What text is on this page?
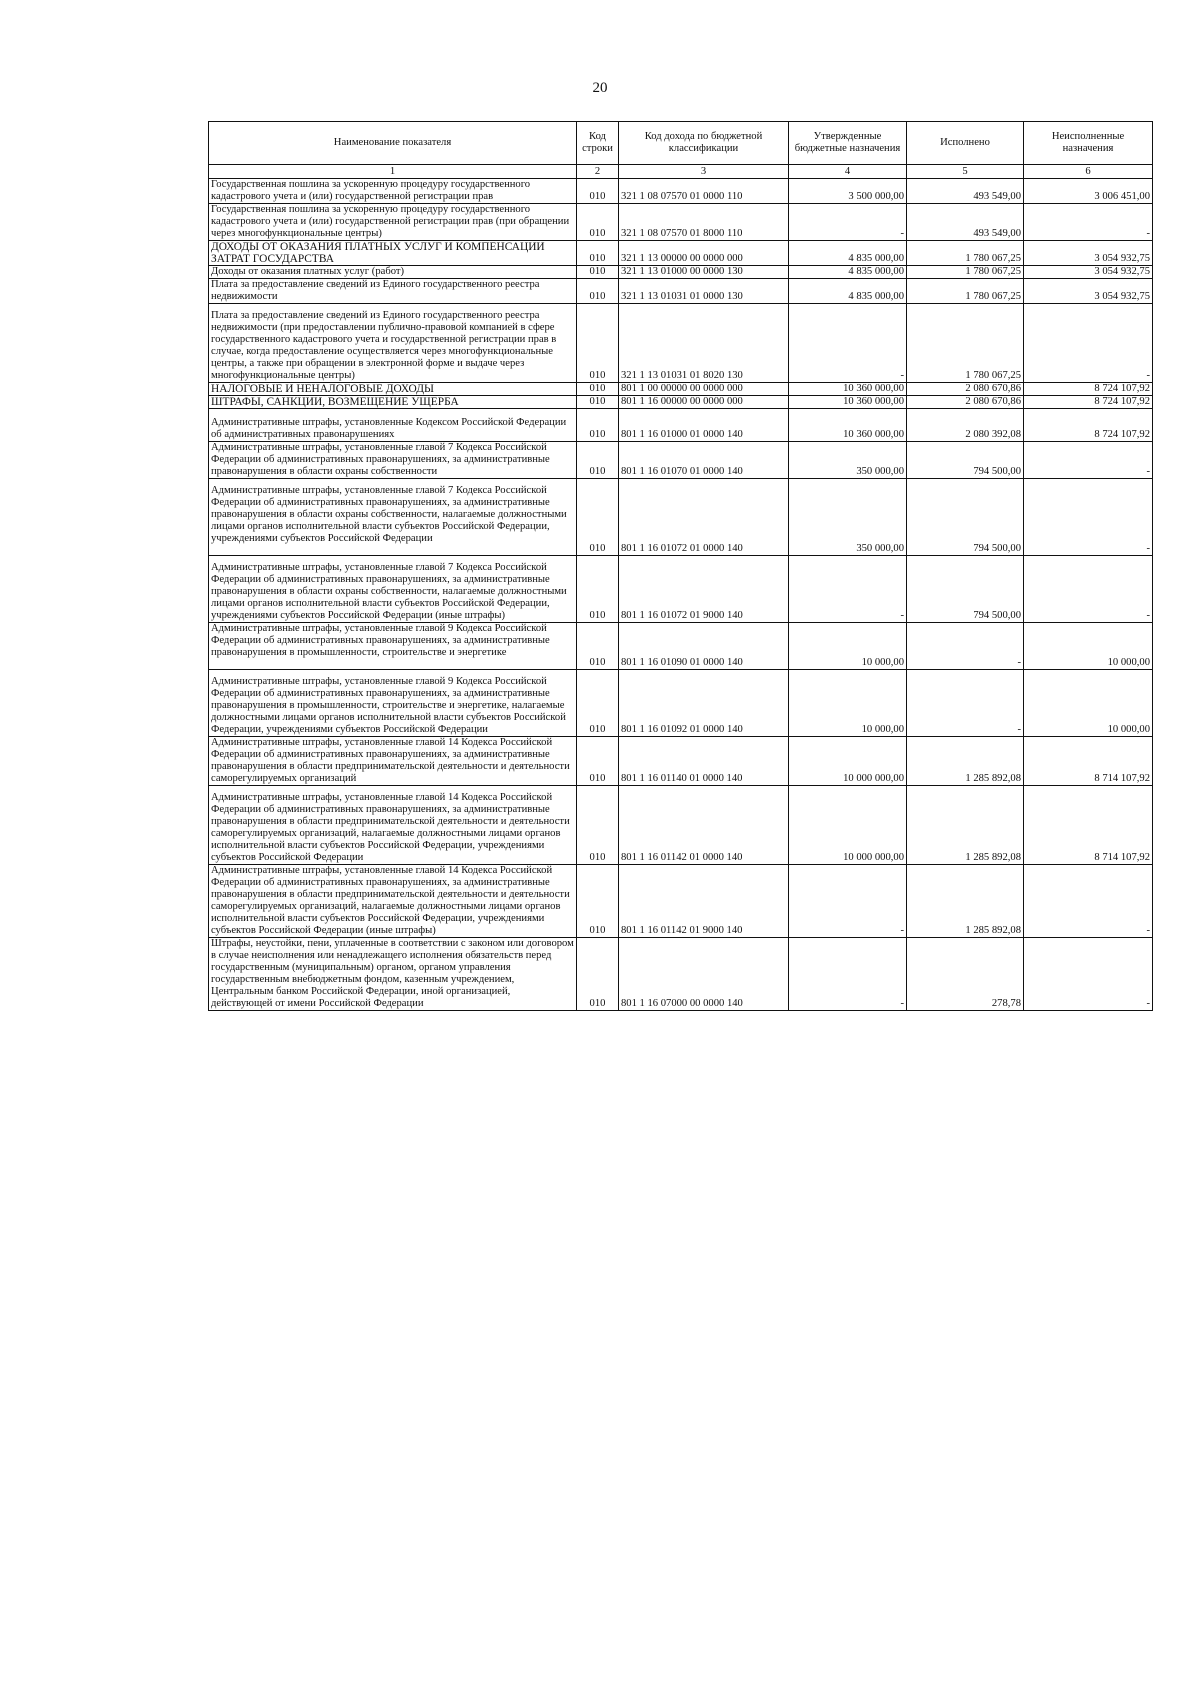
20
Наименование показателя	Код строки	Код дохода по бюджетной классификации	Утвержденные бюджетные назначения	Исполнено	Неисполненные назначения
1	2	3	4	5	6
Государственная пошлина за ускоренную процедуру государственного кадастрового учета и (или) государственной регистрации прав	010	321 1 08 07570 01 0000 110	3 500 000,00	493 549,00	3 006 451,00
Государственная пошлина за ускоренную процедуру государственного кадастрового учета и (или) государственной регистрации прав (при обращении через многофункциональные центры)	010	321 1 08 07570 01 8000 110	-	493 549,00	-
ДОХОДЫ ОТ ОКАЗАНИЯ ПЛАТНЫХ УСЛУГ И КОМПЕНСАЦИИ ЗАТРАТ ГОСУДАРСТВА	010	321 1 13 00000 00 0000 000	4 835 000,00	1 780 067,25	3 054 932,75
Доходы от оказания платных услуг (работ)	010	321 1 13 01000 00 0000 130	4 835 000,00	1 780 067,25	3 054 932,75
Плата за предоставление сведений из Единого государственного реестра недвижимости	010	321 1 13 01031 01 0000 130	4 835 000,00	1 780 067,25	3 054 932,75
Плата за предоставление сведений из Единого государственного реестра недвижимости (при предоставлении публично-правовой компанией в сфере государственного кадастрового учета и государственной регистрации прав в случае, когда предоставление осуществляется через многофункциональные центры, а также при обращении в электронной форме и выдаче через многофункциональные центры)	010	321 1 13 01031 01 8020 130	-	1 780 067,25	-
НАЛОГОВЫЕ И НЕНАЛОГОВЫЕ ДОХОДЫ	010	801 1 00 00000 00 0000 000	10 360 000,00	2 080 670,86	8 724 107,92
ШТРАФЫ, САНКЦИИ, ВОЗМЕЩЕНИЕ УЩЕРБА	010	801 1 16 00000 00 0000 000	10 360 000,00	2 080 670,86	8 724 107,92
Административные штрафы, установленные Кодексом Российской Федерации об административных правонарушениях	010	801 1 16 01000 01 0000 140	10 360 000,00	2 080 392,08	8 724 107,92
Административные штрафы, установленные главой 7 Кодекса Российской Федерации об административных правонарушениях, за административные правонарушения в области охраны собственности	010	801 1 16 01070 01 0000 140	350 000,00	794 500,00	-
Административные штрафы, установленные главой 7 Кодекса Российской Федерации об административных правонарушениях, за административные правонарушения в области охраны собственности, налагаемые должностными лицами органов исполнительной власти субъектов Российской Федерации, учреждениями субъектов Российской Федерации	010	801 1 16 01072 01 0000 140	350 000,00	794 500,00	-
Административные штрафы, установленные главой 7 Кодекса Российской Федерации об административных правонарушениях, за административные правонарушения в области охраны собственности, налагаемые должностными лицами органов исполнительной власти субъектов Российской Федерации, учреждениями субъектов Российской Федерации (иные штрафы)	010	801 1 16 01072 01 9000 140	-	794 500,00	-
Административные штрафы, установленные главой 9 Кодекса Российской Федерации об административных правонарушениях, за административные правонарушения в промышленности, строительстве и энергетике	010	801 1 16 01090 01 0000 140	10 000,00	-	10 000,00
Административные штрафы, установленные главой 9 Кодекса Российской Федерации об административных правонарушениях, за административные правонарушения в промышленности, строительстве и энергетике, налагаемые должностными лицами органов исполнительной власти субъектов Российской Федерации, учреждениями субъектов Российской Федерации	010	801 1 16 01092 01 0000 140	10 000,00	-	10 000,00
Административные штрафы, установленные главой 14 Кодекса Российской Федерации об административных правонарушениях, за административные правонарушения в области предпринимательской деятельности и деятельности саморегулируемых организаций	010	801 1 16 01140 01 0000 140	10 000 000,00	1 285 892,08	8 714 107,92
Административные штрафы, установленные главой 14 Кодекса Российской Федерации об административных правонарушениях, за административные правонарушения в области предпринимательской деятельности и деятельности саморегулируемых организаций, налагаемые должностными лицами органов исполнительной власти субъектов Российской Федерации, учреждениями субъектов Российской Федерации	010	801 1 16 01142 01 0000 140	10 000 000,00	1 285 892,08	8 714 107,92
Административные штрафы, установленные главой 14 Кодекса Российской Федерации об административных правонарушениях, за административные правонарушения в области предпринимательской деятельности и деятельности саморегулируемых организаций, налагаемые должностными лицами органов исполнительной власти субъектов Российской Федерации, учреждениями субъектов Российской Федерации (иные штрафы)	010	801 1 16 01142 01 9000 140	-	1 285 892,08	-
Штрафы, неустойки, пени, уплаченные в соответствии с законом или договором в случае неисполнения или ненадлежащего исполнения обязательств перед государственным (муниципальным) органом, органом управления государственным внебюджетным фондом, казенным учреждением, Центральным банком Российской Федерации, иной организацией, действующей от имени Российской Федерации	010	801 1 16 07000 00 0000 140	-	278,78	-
